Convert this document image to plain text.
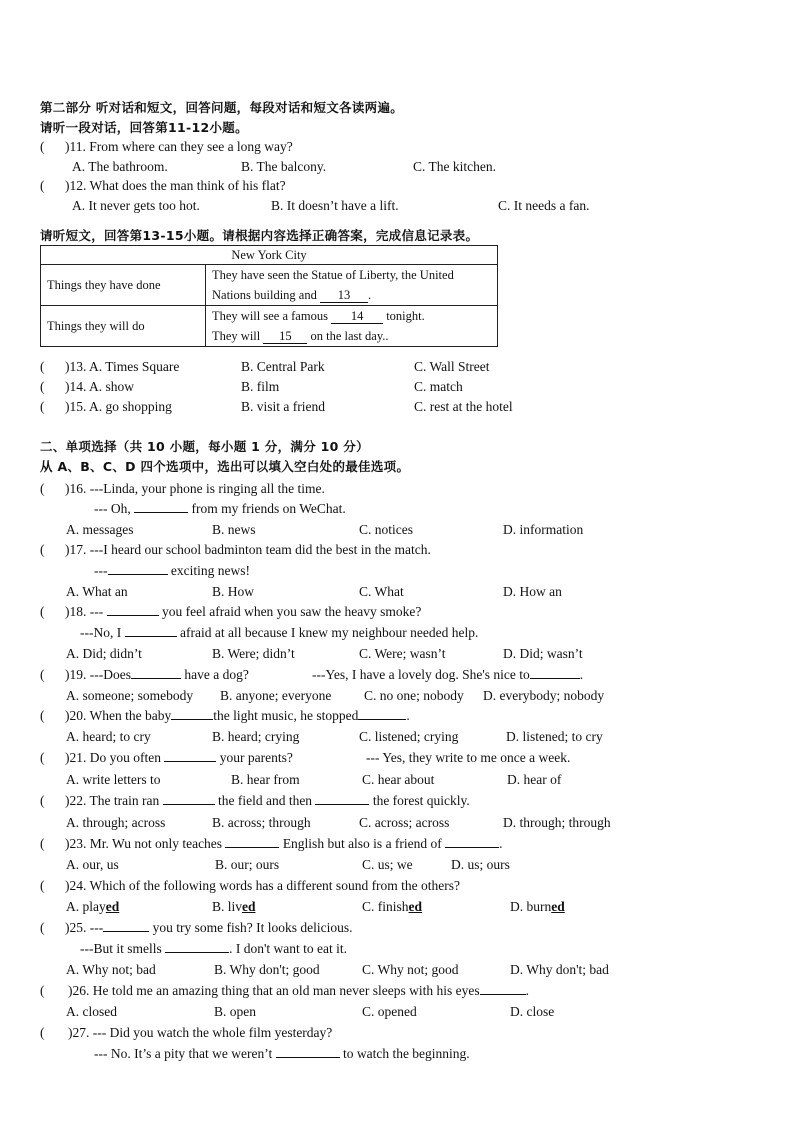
第二部分 听对话和短文，回答问题，每段对话和短文各读两遍。
请听一段对话，回答第11-12小题。
( )11. From where can they see a long way?
A. The bathroom.	B. The balcony.	C. The kitchen.
( )12. What does the man think of his flat?
A. It never gets too hot.	B. It doesn’t have a lift.	C. It needs a fan.
请听短文，回答第13-15小题。请根据内容选择正确答案，完成信息记录表。
New York City	
Things they have done	They have seen the Statue of Liberty, the United
Nations building and 13 .
Things they will do	They will see a famous 14 tonight.
They will 15 on the last day..
( )13. A. Times Square	B. Central Park	C. Wall Street
( )14. A. show	B. film	C. match
( )15. A. go shopping	B. visit a friend	C. rest at the hotel
二、单项选择（共 10 小题，每小题 1 分，满分 10 分）
从 A、B、C、D 四个选项中，选出可以填入空白处的最佳选项。
( )16. ---Linda, your phone is ringing all the time.
--- Oh,	from my friends on WeChat.
A. messages	B. news	C. notices	D. information
( )17. ---I heard our school badminton team did the best in the match.
---	exciting news!
A. What an	B. How	C. What	D. How an
( )18. ---	you feel afraid when you saw the heavy smoke?
---No, I	afraid at all because I knew my neighbour needed help.
A. Did; didn’t	B. Were; didn’t	C. Were; wasn’t	D. Did; wasn’t
( )19. ---Does	have a dog?	---Yes, I have a lovely dog. She's nice to	.
A. someone; somebody B. anyone; everyone C. no one; nobody D. everybody; nobody
( )20. When the baby	the light music, he stopped	.
A. heard; to cry	B. heard; crying	C. listened; crying	D. listened; to cry
( )21. Do you often	your parents?	--- Yes, they write to me once a week.
A. write letters to	B. hear from	C. hear about	D. hear of
( )22. The train ran	the field and then	the forest quickly.
A. through; across	B. across; through	C. across; across	D. through; through
( )23. Mr. Wu not only teaches	English but also is a friend of	.
A. our, us	B. our; ours	C. us; we	D. us; ours
( )24. Which of the following words has a different sound from the others?
A. played	B. lived	C. finished	D. burned
( )25. ---	you try some fish? It looks delicious.
---But it smells	. I don't want to eat it.
A. Why not; bad	B. Why don't; good	C. Why not; good	D. Why don't; bad
( )26. He told me an amazing thing that an old man never sleeps with his eyes	.
A. closed	B. open	C. opened	D. close
( )27. --- Did you watch the whole film yesterday?
--- No. It’s a pity that we weren’t	to watch the beginning.
